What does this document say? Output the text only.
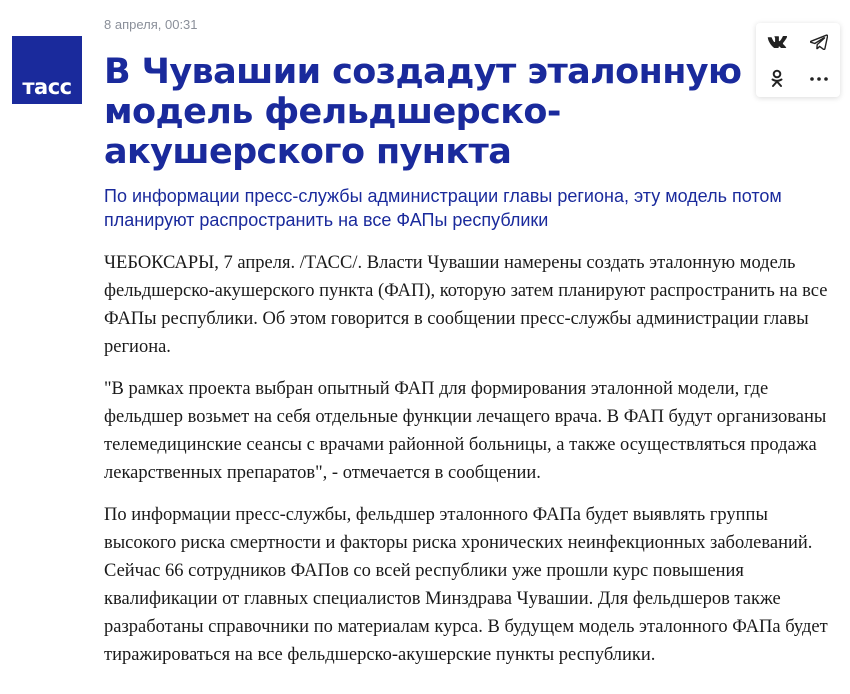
тасс
8 апреля, 00:31
В Чувашии создадут эталонную модель фельдшерско-акушерского пункта

По информации пресс-службы администрации главы региона, эту модель потом планируют распространить на все ФАПы республики

ЧЕБОКСАРЫ, 7 апреля. /ТАСС/. Власти Чувашии намерены создать эталонную модель фельдшерско-акушерского пункта (ФАП), которую затем планируют распространить на все ФАПы республики. Об этом говорится в сообщении пресс-службы администрации главы региона.

"В рамках проекта выбран опытный ФАП для формирования эталонной модели, где фельдшер возьмет на себя отдельные функции лечащего врача. В ФАП будут организованы телемедицинские сеансы с врачами районной больницы, а также осуществляться продажа лекарственных препаратов", - отмечается в сообщении.

По информации пресс-службы, фельдшер эталонного ФАПа будет выявлять группы высокого риска смертности и факторы риска хронических неинфекционных заболеваний. Сейчас 66 сотрудников ФАПов со всей республики уже прошли курс повышения квалификации от главных специалистов Минздрава Чувашии. Для фельдшеров также разработаны справочники по материалам курса. В будущем модель эталонного ФАПа будет тиражироваться на все фельдшерско-акушерские пункты республики.
